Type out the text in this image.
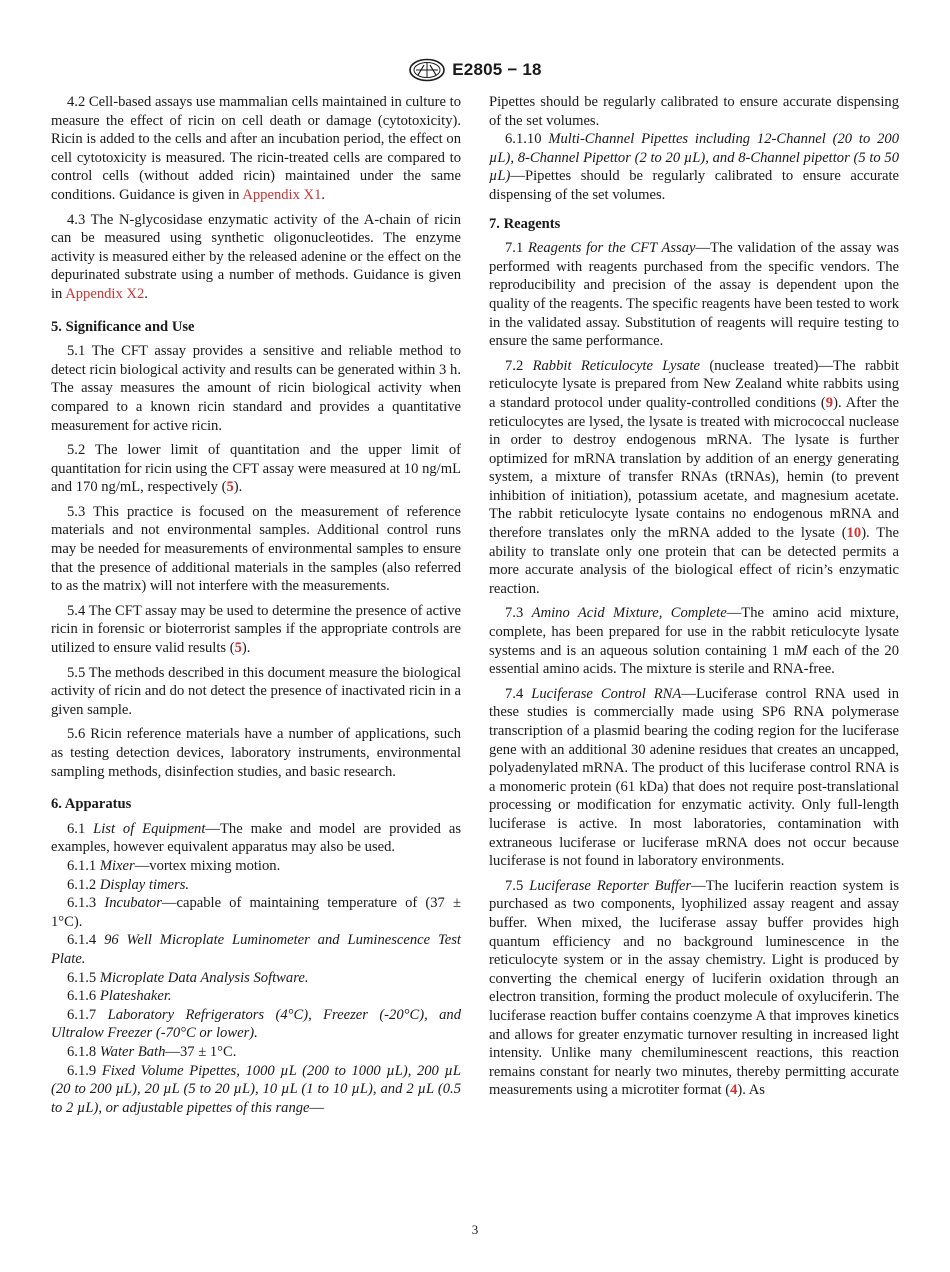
E2805 − 18

4.2 Cell-based assays use mammalian cells maintained in culture to measure the effect of ricin on cell death or damage (cytotoxicity). Ricin is added to the cells and after an incubation period, the effect on cell cytotoxicity is measured. The ricin-treated cells are compared to control cells (without added ricin) maintained under the same conditions. Guidance is given in Appendix X1.

4.3 The N-glycosidase enzymatic activity of the A-chain of ricin can be measured using synthetic oligonucleotides. The enzyme activity is measured either by the released adenine or the effect on the depurinated substrate using a number of methods. Guidance is given in Appendix X2.

5. Significance and Use

5.1 The CFT assay provides a sensitive and reliable method to detect ricin biological activity and results can be generated within 3 h. The assay measures the amount of ricin biological activity when compared to a known ricin standard and provides a quantitative measurement for active ricin.

5.2 The lower limit of quantitation and the upper limit of quantitation for ricin using the CFT assay were measured at 10 ng/mL and 170 ng/mL, respectively (5).

5.3 This practice is focused on the measurement of reference materials and not environmental samples. Additional control runs may be needed for measurements of environmental samples to ensure that the presence of additional materials in the samples (also referred to as the matrix) will not interfere with the measurements.

5.4 The CFT assay may be used to determine the presence of active ricin in forensic or bioterrorist samples if the appropriate controls are utilized to ensure valid results (5).

5.5 The methods described in this document measure the biological activity of ricin and do not detect the presence of inactivated ricin in a given sample.

5.6 Ricin reference materials have a number of applications, such as testing detection devices, laboratory instruments, environmental sampling methods, disinfection studies, and basic research.

6. Apparatus

6.1 List of Equipment—The make and model are provided as examples, however equivalent apparatus may also be used.

6.1.1 Mixer—vortex mixing motion.

6.1.2 Display timers.

6.1.3 Incubator—capable of maintaining temperature of (37 ± 1°C).

6.1.4 96 Well Microplate Luminometer and Luminescence Test Plate.

6.1.5 Microplate Data Analysis Software.

6.1.6 Plateshaker.

6.1.7 Laboratory Refrigerators (4°C), Freezer (-20°C), and Ultralow Freezer (-70°C or lower).

6.1.8 Water Bath—37 ± 1°C.

6.1.9 Fixed Volume Pipettes, 1000 µL (200 to 1000 µL), 200 µL (20 to 200 µL), 20 µL (5 to 20 µL), 10 µL (1 to 10 µL), and 2 µL (0.5 to 2 µL), or adjustable pipettes of this range—

Pipettes should be regularly calibrated to ensure accurate dispensing of the set volumes.

6.1.10 Multi-Channel Pipettes including 12-Channel (20 to 200 µL), 8-Channel Pipettor (2 to 20 µL), and 8-Channel pipettor (5 to 50 µL)—Pipettes should be regularly calibrated to ensure accurate dispensing of the set volumes.

7. Reagents

7.1 Reagents for the CFT Assay—The validation of the assay was performed with reagents purchased from the specific vendors. The reproducibility and precision of the assay is dependent upon the quality of the reagents. The specific reagents have been tested to work in the validated assay. Substitution of reagents will require testing to ensure the same performance.

7.2 Rabbit Reticulocyte Lysate (nuclease treated)—The rabbit reticulocyte lysate is prepared from New Zealand white rabbits using a standard protocol under quality-controlled conditions (9). After the reticulocytes are lysed, the lysate is treated with micrococcal nuclease in order to destroy endogenous mRNA. The lysate is further optimized for mRNA translation by addition of an energy generating system, a mixture of transfer RNAs (tRNAs), hemin (to prevent inhibition of initiation), potassium acetate, and magnesium acetate. The rabbit reticulocyte lysate contains no endogenous mRNA and therefore translates only the mRNA added to the lysate (10). The ability to translate only one protein that can be detected permits a more accurate analysis of the biological effect of ricin’s enzymatic reaction.

7.3 Amino Acid Mixture, Complete—The amino acid mixture, complete, has been prepared for use in the rabbit reticulocyte lysate systems and is an aqueous solution containing 1 mM each of the 20 essential amino acids. The mixture is sterile and RNA-free.

7.4 Luciferase Control RNA—Luciferase control RNA used in these studies is commercially made using SP6 RNA polymerase transcription of a plasmid bearing the coding region for the luciferase gene with an additional 30 adenine residues that creates an uncapped, polyadenylated mRNA. The product of this luciferase control RNA is a monomeric protein (61 kDa) that does not require post-translational processing or modification for enzymatic activity. Only full-length luciferase is active. In most laboratories, contamination with extraneous luciferase or luciferase mRNA does not occur because luciferase is not found in laboratory environments.

7.5 Luciferase Reporter Buffer—The luciferin reaction system is purchased as two components, lyophilized assay reagent and assay buffer. When mixed, the luciferase assay buffer provides high quantum efficiency and no background luminescence in the reticulocyte system or in the assay chemistry. Light is produced by converting the chemical energy of luciferin oxidation through an electron transition, forming the product molecule of oxyluciferin. The luciferase reaction buffer contains coenzyme A that improves kinetics and allows for greater enzymatic turnover resulting in increased light intensity. Unlike many chemiluminescent reactions, this reaction remains constant for nearly two minutes, thereby permitting accurate measurements using a microtiter format (4). As

3
